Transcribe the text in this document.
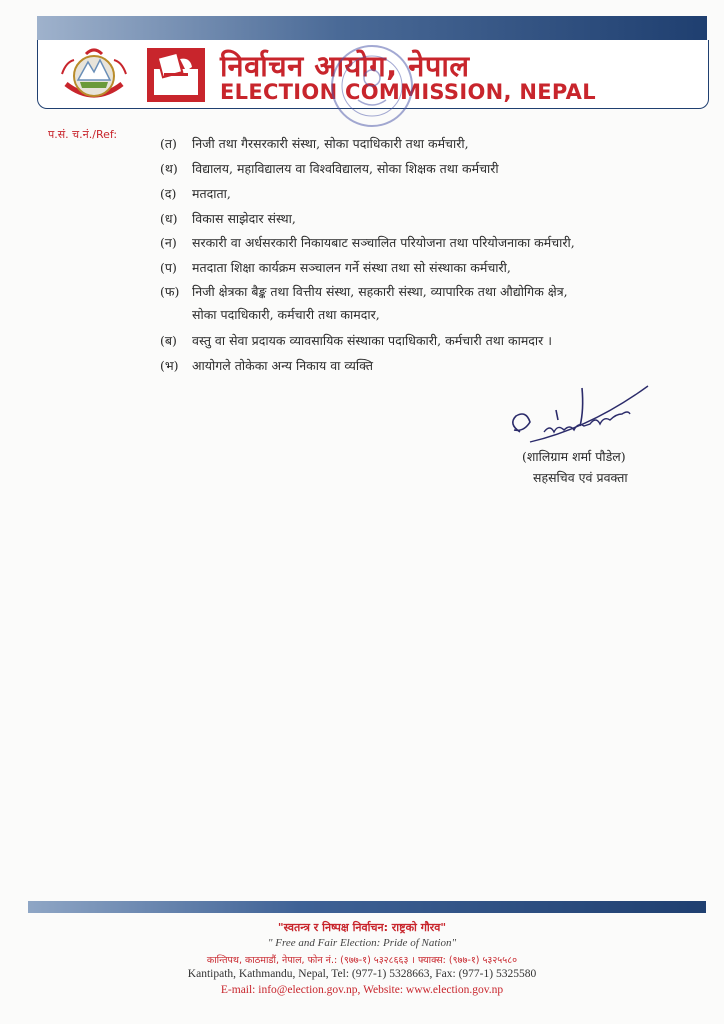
निर्वाचन आयोग, नेपाल
ELECTION COMMISSION, NEPAL
प.सं. च.नं./Ref:
(त) निजी तथा गैरसरकारी संस्था, सोका पदाधिकारी तथा कर्मचारी,
(थ) विद्यालय, महाविद्यालय वा विश्वविद्यालय, सोका शिक्षक तथा कर्मचारी
(द) मतदाता,
(ध) विकास साझेदार संस्था,
(न) सरकारी वा अर्धसरकारी निकायबाट सञ्चालित परियोजना तथा परियोजनाका कर्मचारी,
(प) मतदाता शिक्षा कार्यक्रम सञ्चालन गर्ने संस्था तथा सो संस्थाका कर्मचारी,
(फ) निजी क्षेत्रका बैङ्क तथा वित्तीय संस्था, सहकारी संस्था, व्यापारिक तथा औद्योगिक क्षेत्र,
सोका पदाधिकारी, कर्मचारी तथा कामदार,
(ब) वस्तु वा सेवा प्रदायक व्यावसायिक संस्थाका पदाधिकारी, कर्मचारी तथा कामदार ।
(भ) आयोगले तोकेका अन्य निकाय वा व्यक्ति
(शालिग्राम शर्मा पौडेल)
सहसचिव एवं प्रवक्ता
"स्वतन्त्र र निष्पक्ष निर्वाचन: राष्ट्रको गौरव"
" Free and Fair Election: Pride of Nation"
कान्तिपथ, काठमाडौं, नेपाल, फोन नं.: (९७७-१) ५३२८६६३ । फ्याक्स: (९७७-१) ५३२५५८०
Kantipath, Kathmandu, Nepal, Tel: (977-1) 5328663, Fax: (977-1) 5325580
E-mail: info@election.gov.np, Website: www.election.gov.np
